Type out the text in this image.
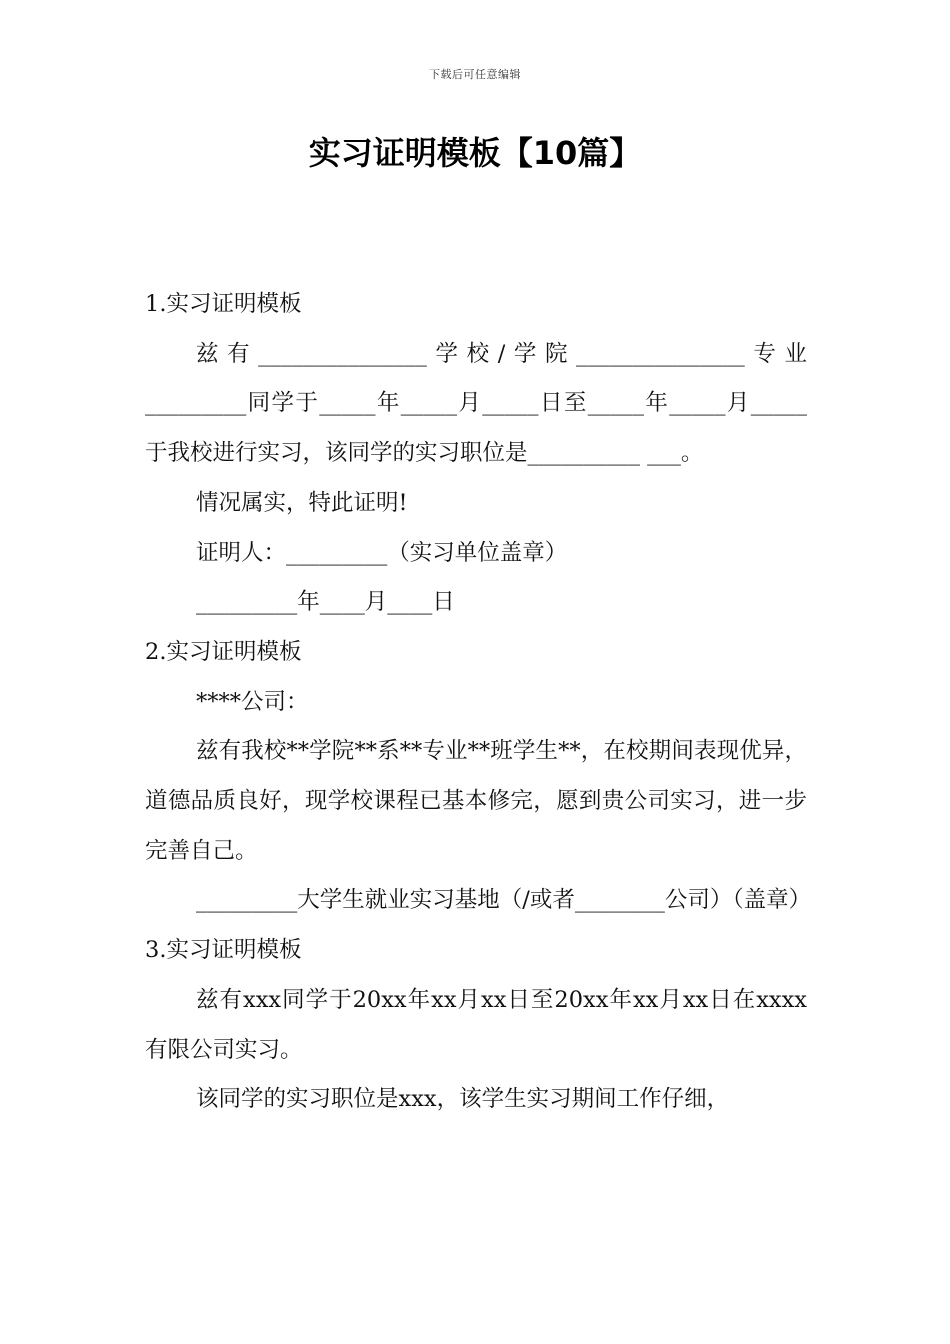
下载后可任意编辑
实习证明模板【10篇】

1.实习证明模板

兹有_______________学校/学院_______________专业_________同学于_____年_____月_____日至_____年_____月_____于我校进行实习，该同学的实习职位是__________ ___。

情况属实，特此证明!

证明人：_________（实习单位盖章）

_________年____月____日

2.实习证明模板

****公司：

兹有我校**学院**系**专业**班学生**，在校期间表现优异，道德品质良好，现学校课程已基本修完，愿到贵公司实习，进一步完善自己。

_________大学生就业实习基地（/或者________公司）（盖章）

3.实习证明模板

兹有xxx同学于20xx年xx月xx日至20xx年xx月xx日在xxxx有限公司实习。

该同学的实习职位是xxx，该学生实习期间工作仔细，
